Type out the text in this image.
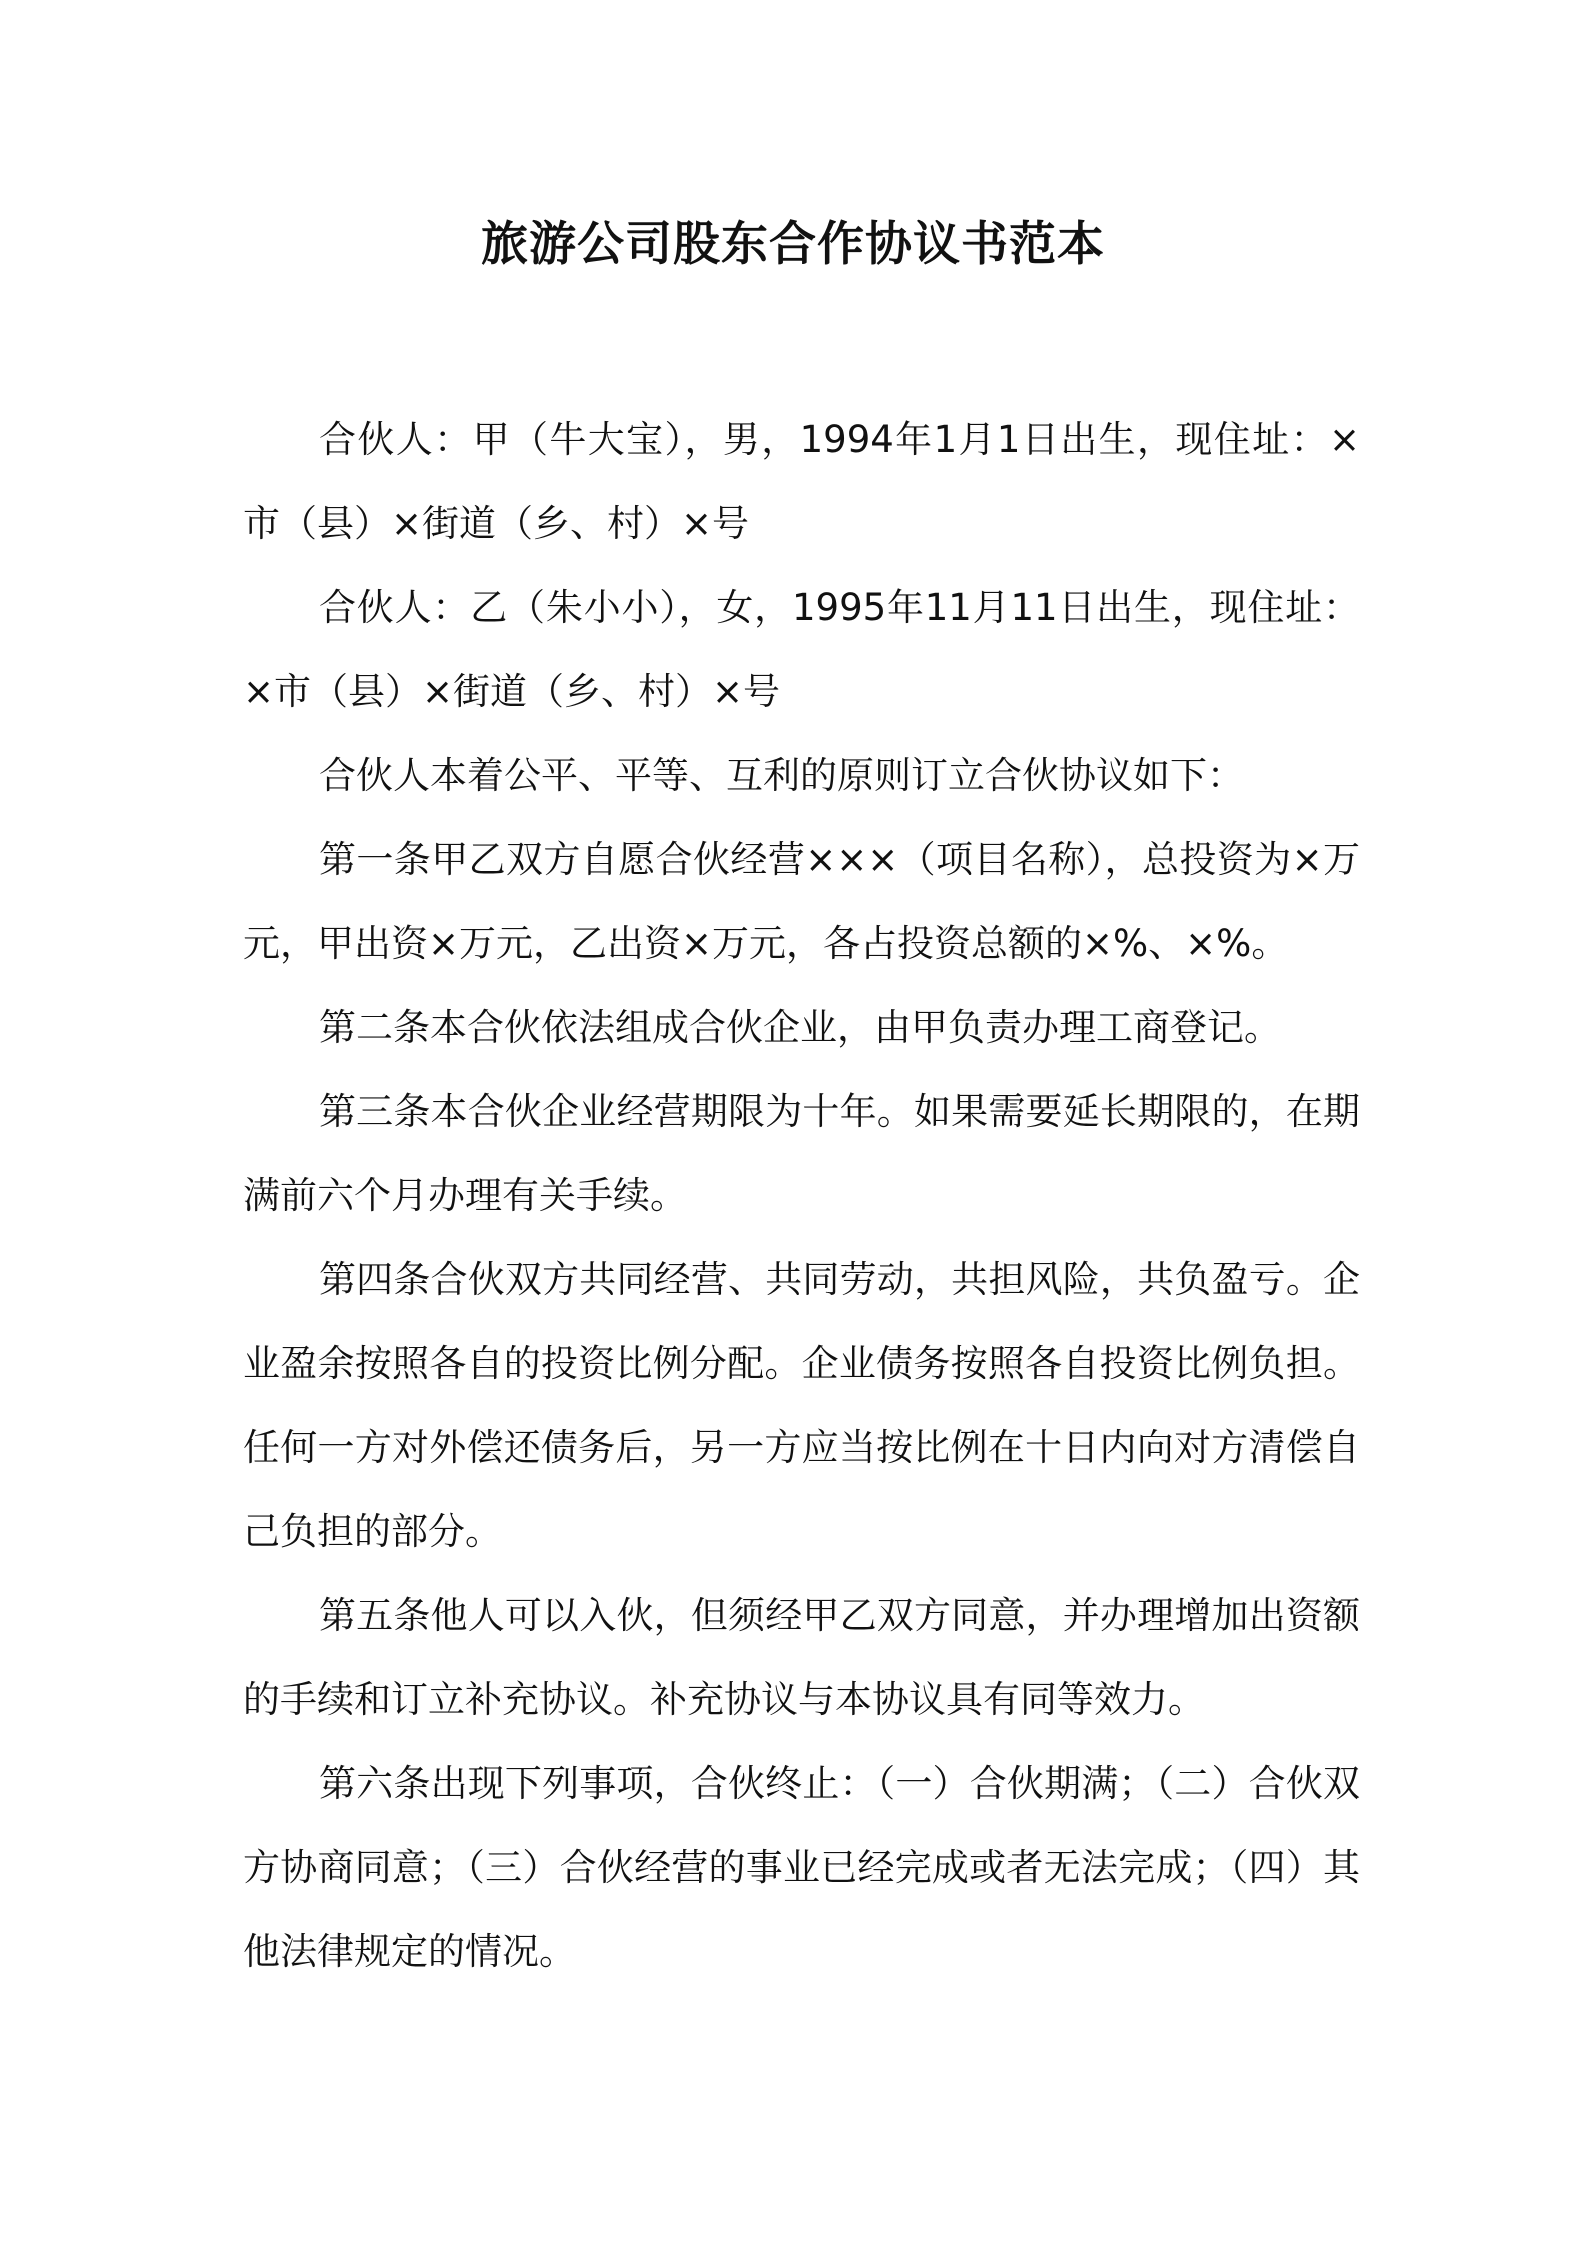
旅游公司股东合作协议书范本

合伙人：甲（牛大宝），男，1994年1月1日出生，现住址：×市（县）×街道（乡、村）×号

合伙人：乙（朱小小），女，1995年11月11日出生，现住址：×市（县）×街道（乡、村）×号

合伙人本着公平、平等、互利的原则订立合伙协议如下：

第一条甲乙双方自愿合伙经营×××（项目名称），总投资为×万元，甲出资×万元，乙出资×万元，各占投资总额的×%、×%。

第二条本合伙依法组成合伙企业，由甲负责办理工商登记。

第三条本合伙企业经营期限为十年。如果需要延长期限的，在期满前六个月办理有关手续。

第四条合伙双方共同经营、共同劳动，共担风险，共负盈亏。企业盈余按照各自的投资比例分配。企业债务按照各自投资比例负担。任何一方对外偿还债务后，另一方应当按比例在十日内向对方清偿自己负担的部分。

第五条他人可以入伙，但须经甲乙双方同意，并办理增加出资额的手续和订立补充协议。补充协议与本协议具有同等效力。

第六条出现下列事项，合伙终止：（一）合伙期满；（二）合伙双方协商同意；（三）合伙经营的事业已经完成或者无法完成；（四）其他法律规定的情况。
